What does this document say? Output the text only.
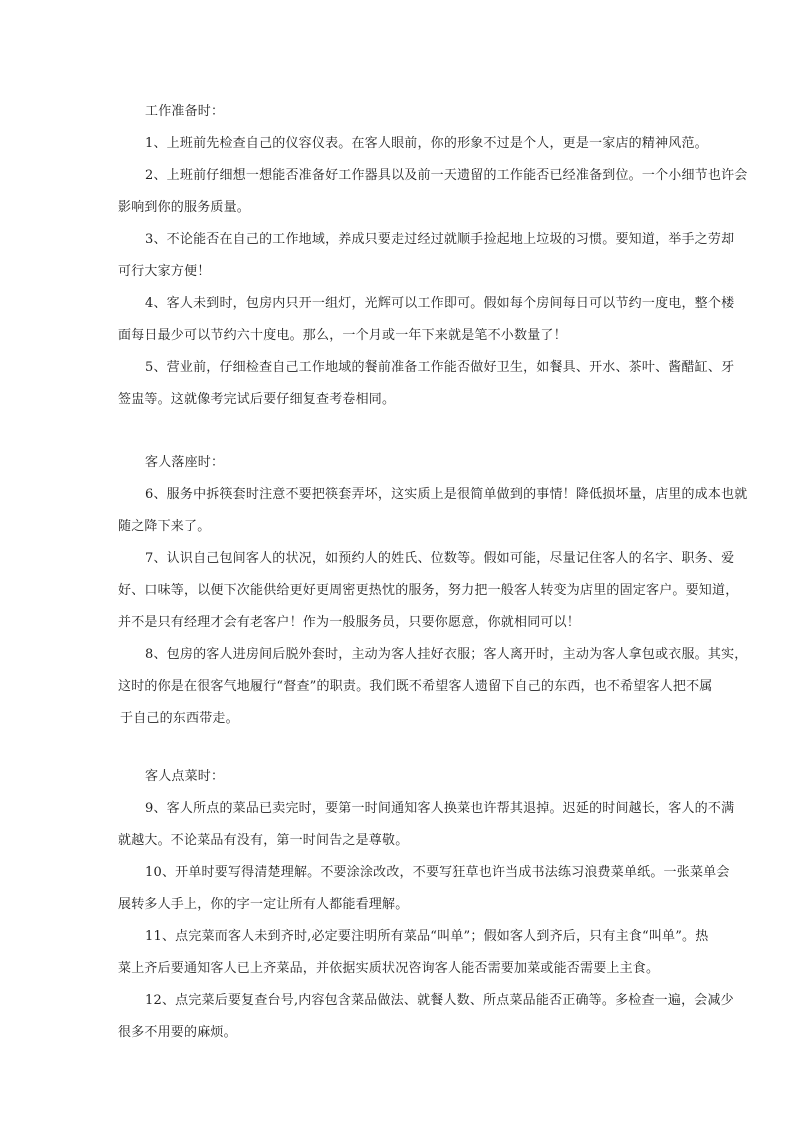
工作准备时：
1、上班前先检查自己的仪容仪表。在客人眼前，你的形象不过是个人，更是一家店的精神风范。
2、上班前仔细想一想能否准备好工作器具以及前一天遗留的工作能否已经准备到位。一个小细节也许会
影响到你的服务质量。
3、不论能否在自己的工作地域，养成只要走过经过就顺手捡起地上垃圾的习惯。要知道，举手之劳却
可行大家方便！
4、客人未到时，包房内只开一组灯，光辉可以工作即可。假如每个房间每日可以节约一度电，整个楼
面每日最少可以节约六十度电。那么，一个月或一年下来就是笔不小数量了！
5、营业前，仔细检查自己工作地域的餐前准备工作能否做好卫生，如餐具、开水、茶叶、酱醋缸、牙
签盅等。这就像考完试后要仔细复查考卷相同。
客人落座时：
6、服务中拆筷套时注意不要把筷套弄坏，这实质上是很简单做到的事情！降低损坏量，店里的成本也就
随之降下来了。
7、认识自己包间客人的状况，如预约人的姓氏、位数等。假如可能，尽量记住客人的名字、职务、爱
好、口味等，以便下次能供给更好更周密更热忱的服务，努力把一般客人转变为店里的固定客户。要知道，
并不是只有经理才会有老客户！作为一般服务员，只要你愿意，你就相同可以！
8、包房的客人进房间后脱外套时，主动为客人挂好衣服；客人离开时，主动为客人拿包或衣服。其实，
这时的你是在很客气地履行“督查”的职责。我们既不希望客人遗留下自己的东西，也不希望客人把不属
于自己的东西带走。
客人点菜时：
9、客人所点的菜品已卖完时，要第一时间通知客人换菜也许帮其退掉。迟延的时间越长，客人的不满
就越大。不论菜品有没有，第一时间告之是尊敬。
10、开单时要写得清楚理解。不要涂涂改改，不要写狂草也许当成书法练习浪费菜单纸。一张菜单会
展转多人手上，你的字一定让所有人都能看理解。
11、点完菜而客人未到齐时,必定要注明所有菜品“叫单”；假如客人到齐后，只有主食“叫单”。热
菜上齐后要通知客人已上齐菜品，并依据实质状况咨询客人能否需要加菜或能否需要上主食。
12、点完菜后要复查台号,内容包含菜品做法、就餐人数、所点菜品能否正确等。多检查一遍，会减少
很多不用要的麻烦。
